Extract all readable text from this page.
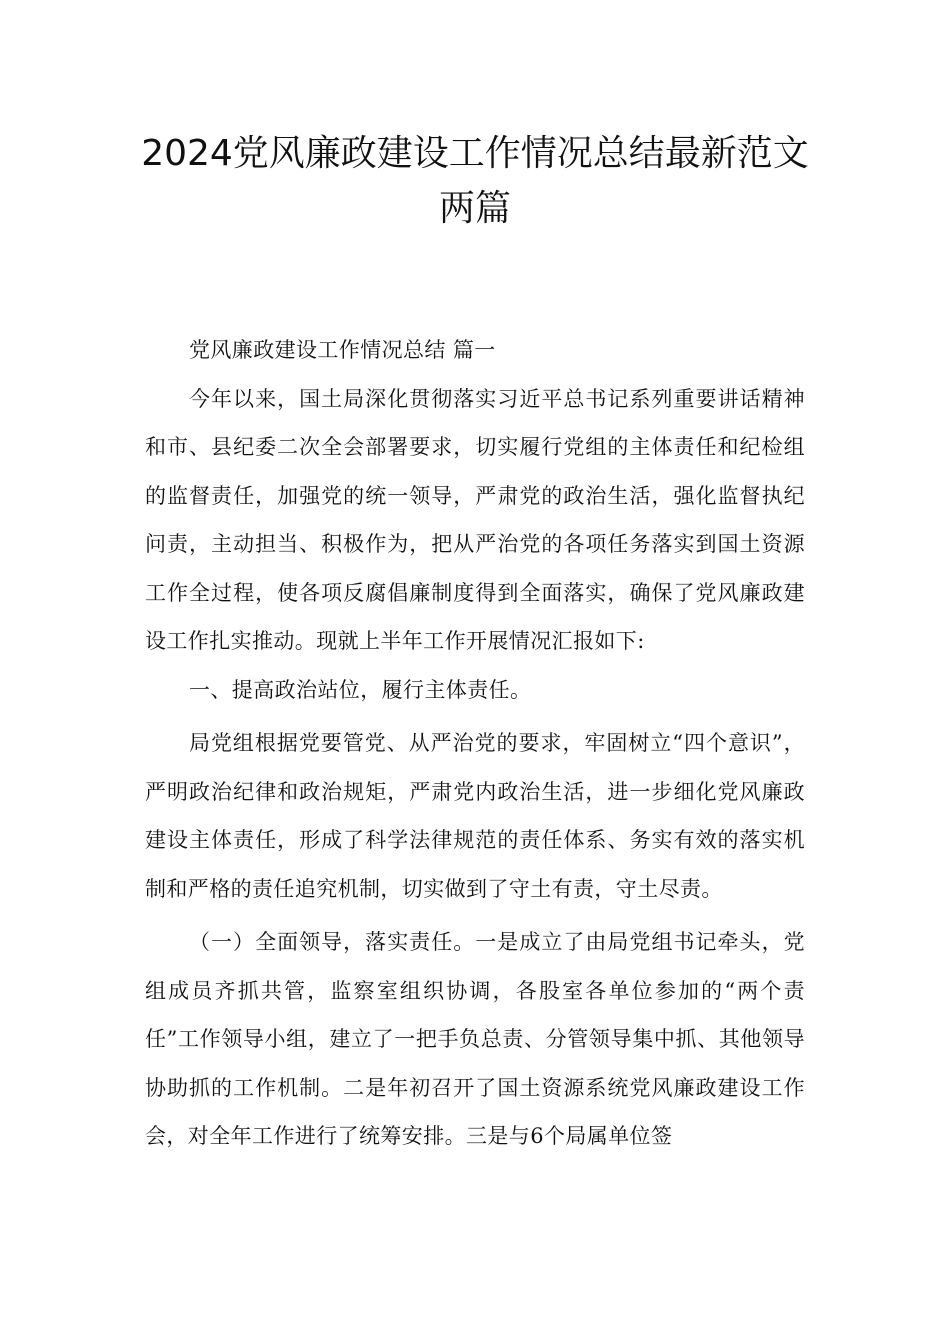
2024党风廉政建设工作情况总结最新范文两篇

党风廉政建设工作情况总结 篇一

今年以来，国土局深化贯彻落实习近平总书记系列重要讲话精神和市、县纪委二次全会部署要求，切实履行党组的主体责任和纪检组的监督责任，加强党的统一领导，严肃党的政治生活，强化监督执纪问责，主动担当、积极作为，把从严治党的各项任务落实到国土资源工作全过程，使各项反腐倡廉制度得到全面落实，确保了党风廉政建设工作扎实推动。现就上半年工作开展情况汇报如下:

一、提高政治站位，履行主体责任。

局党组根据党要管党、从严治党的要求，牢固树立“四个意识”，严明政治纪律和政治规矩，严肃党内政治生活，进一步细化党风廉政建设主体责任，形成了科学法律规范的责任体系、务实有效的落实机制和严格的责任追究机制，切实做到了守土有责，守土尽责。

（一）全面领导，落实责任。一是成立了由局党组书记牵头，党组成员齐抓共管，监察室组织协调，各股室各单位参加的“两个责任”工作领导小组，建立了一把手负总责、分管领导集中抓、其他领导协助抓的工作机制。二是年初召开了国土资源系统党风廉政建设工作会，对全年工作进行了统筹安排。三是与6个局属单位签
